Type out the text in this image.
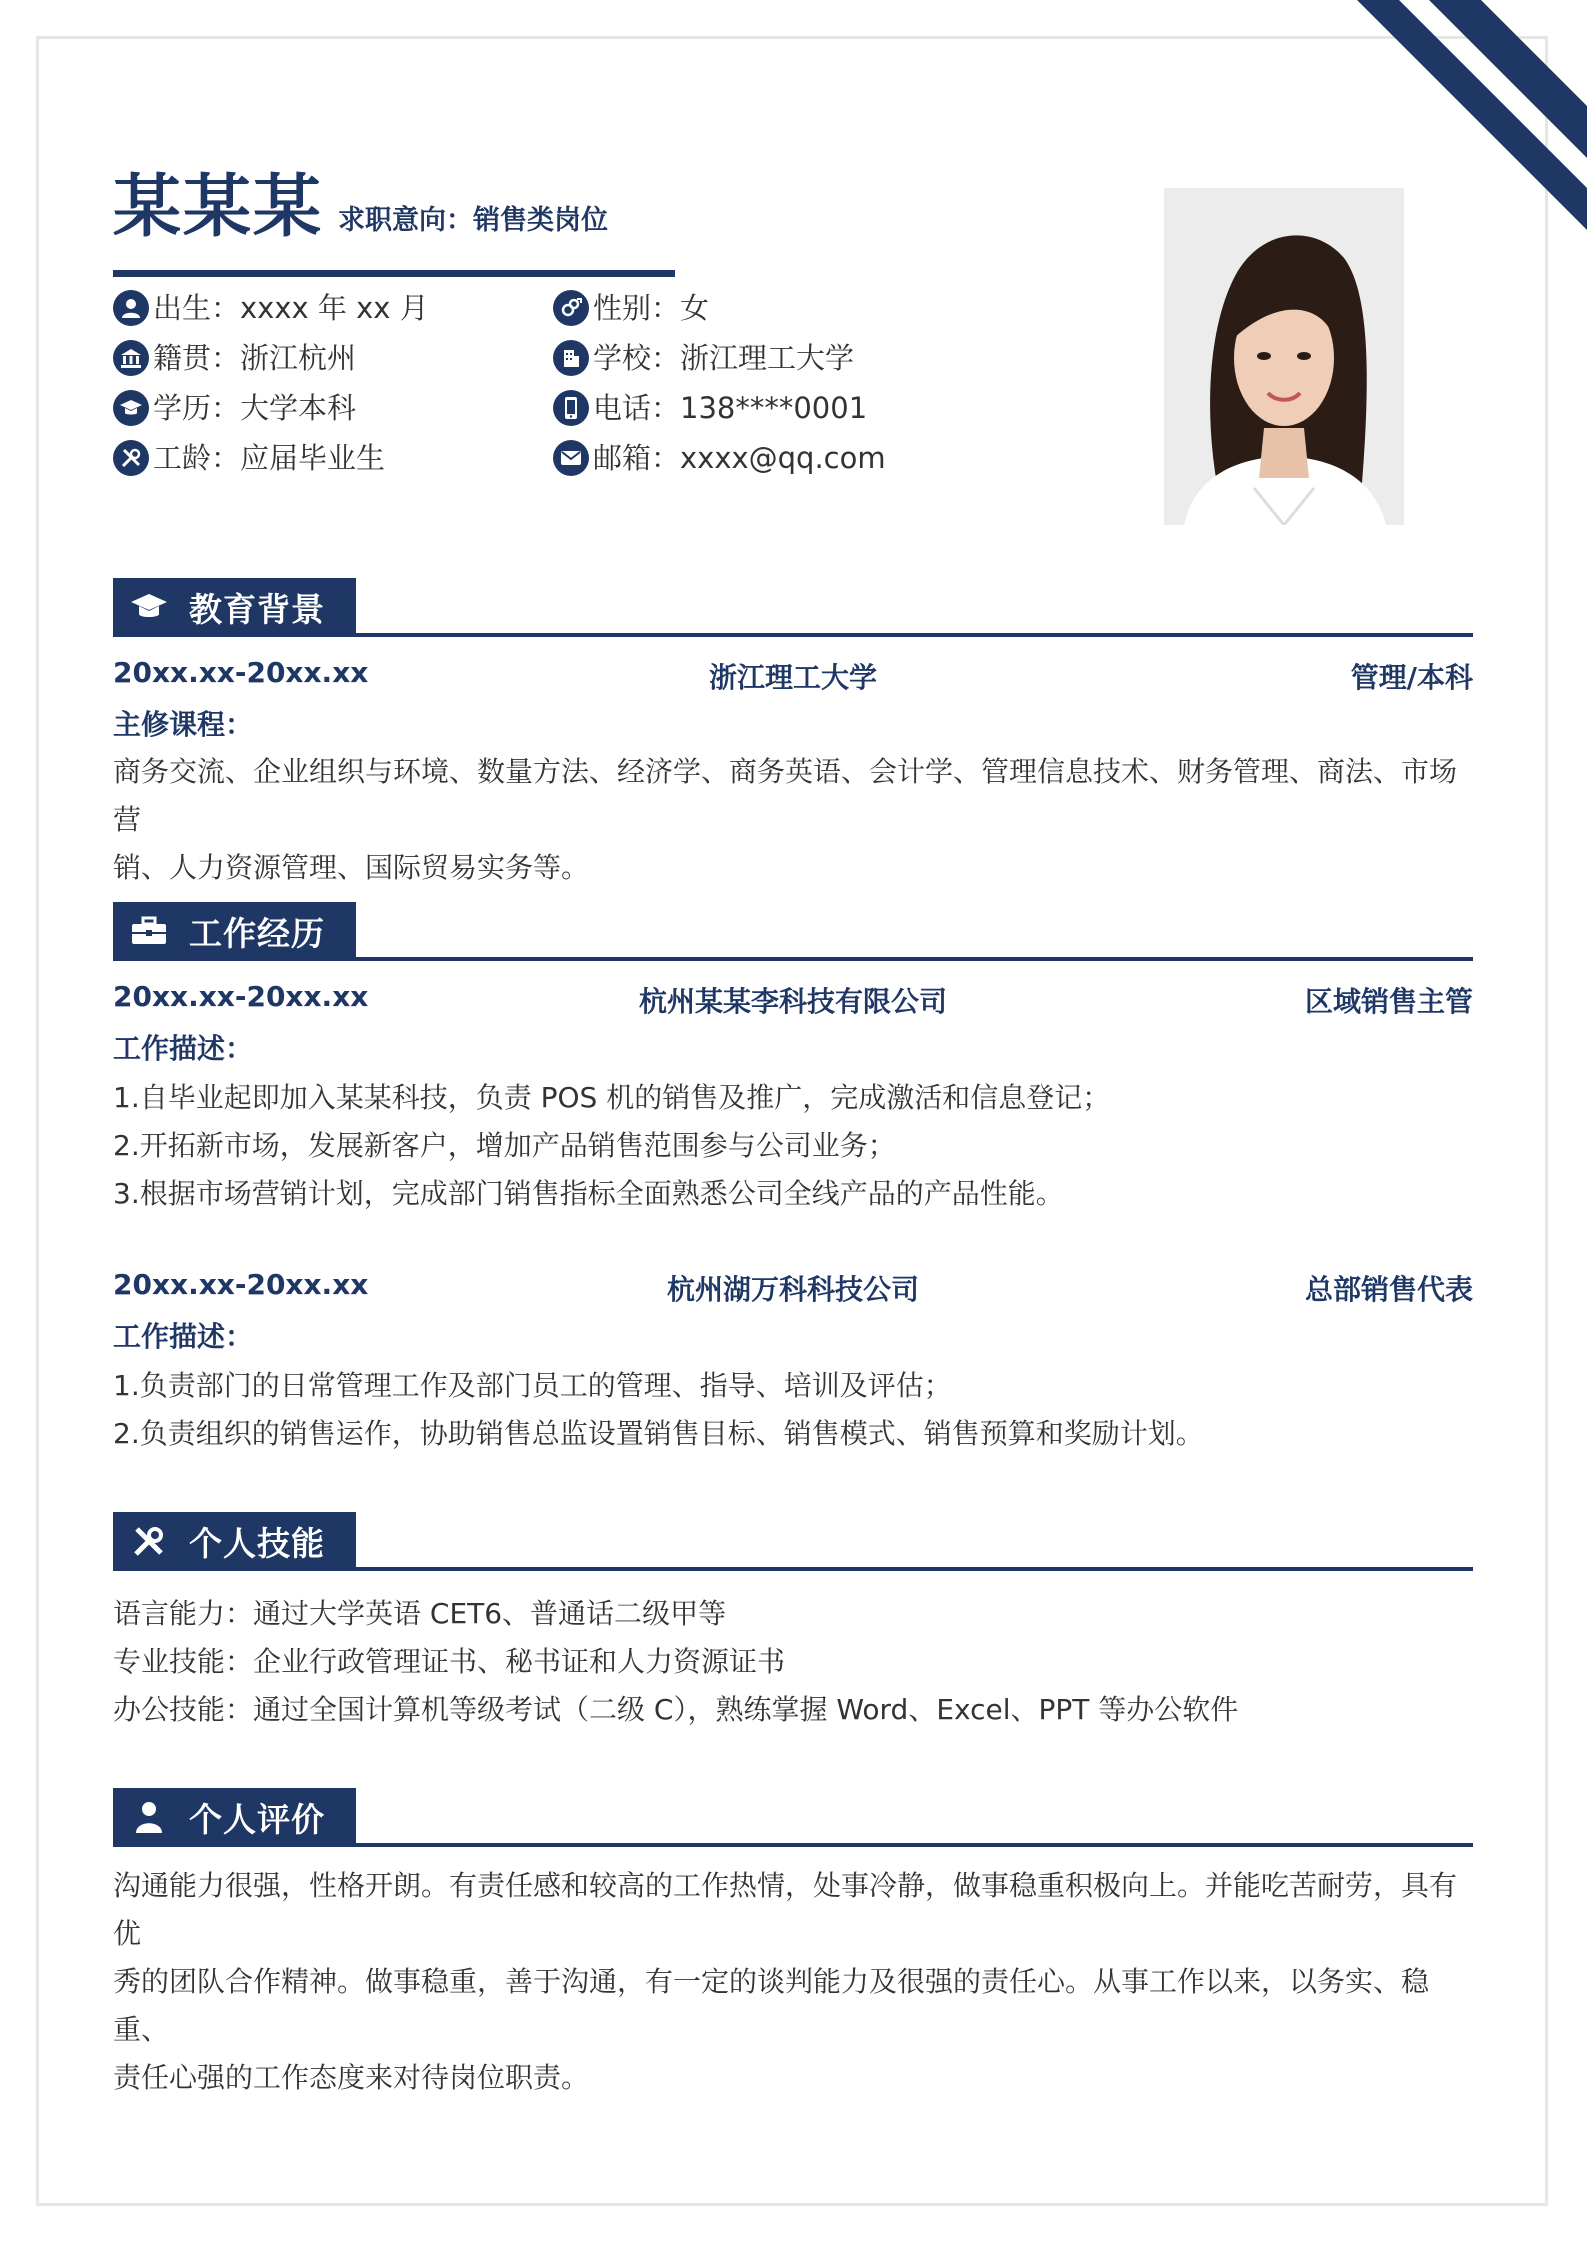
某某某 求职意向：销售类岗位
出生：xxxx 年 xx 月	性别：女
籍贯：浙江杭州	学校：浙江理工大学
学历：大学本科	电话：138****0001
工龄：应届毕业生	邮箱：xxxx@qq.com
教育背景
20xx.xx-20xx.xx	浙江理工大学	管理/本科
主修课程：
商务交流、企业组织与环境、数量方法、经济学、商务英语、会计学、管理信息技术、财务管理、商法、市场营
销、人力资源管理、国际贸易实务等。
工作经历
20xx.xx-20xx.xx	杭州某某李科技有限公司	区域销售主管
工作描述：
1.自毕业起即加入某某科技，负责 POS 机的销售及推广，完成激活和信息登记；
2.开拓新市场，发展新客户，增加产品销售范围参与公司业务；
3.根据市场营销计划，完成部门销售指标全面熟悉公司全线产品的产品性能。
20xx.xx-20xx.xx	杭州湖万科科技公司	总部销售代表
工作描述：
1.负责部门的日常管理工作及部门员工的管理、指导、培训及评估；
2.负责组织的销售运作，协助销售总监设置销售目标、销售模式、销售预算和奖励计划。
个人技能
语言能力：通过大学英语 CET6、普通话二级甲等
专业技能：企业行政管理证书、秘书证和人力资源证书
办公技能：通过全国计算机等级考试（二级 C），熟练掌握 Word、Excel、PPT 等办公软件
个人评价
沟通能力很强，性格开朗。有责任感和较高的工作热情，处事冷静，做事稳重积极向上。并能吃苦耐劳，具有优
秀的团队合作精神。做事稳重，善于沟通，有一定的谈判能力及很强的责任心。从事工作以来，以务实、稳重、
责任心强的工作态度来对待岗位职责。
